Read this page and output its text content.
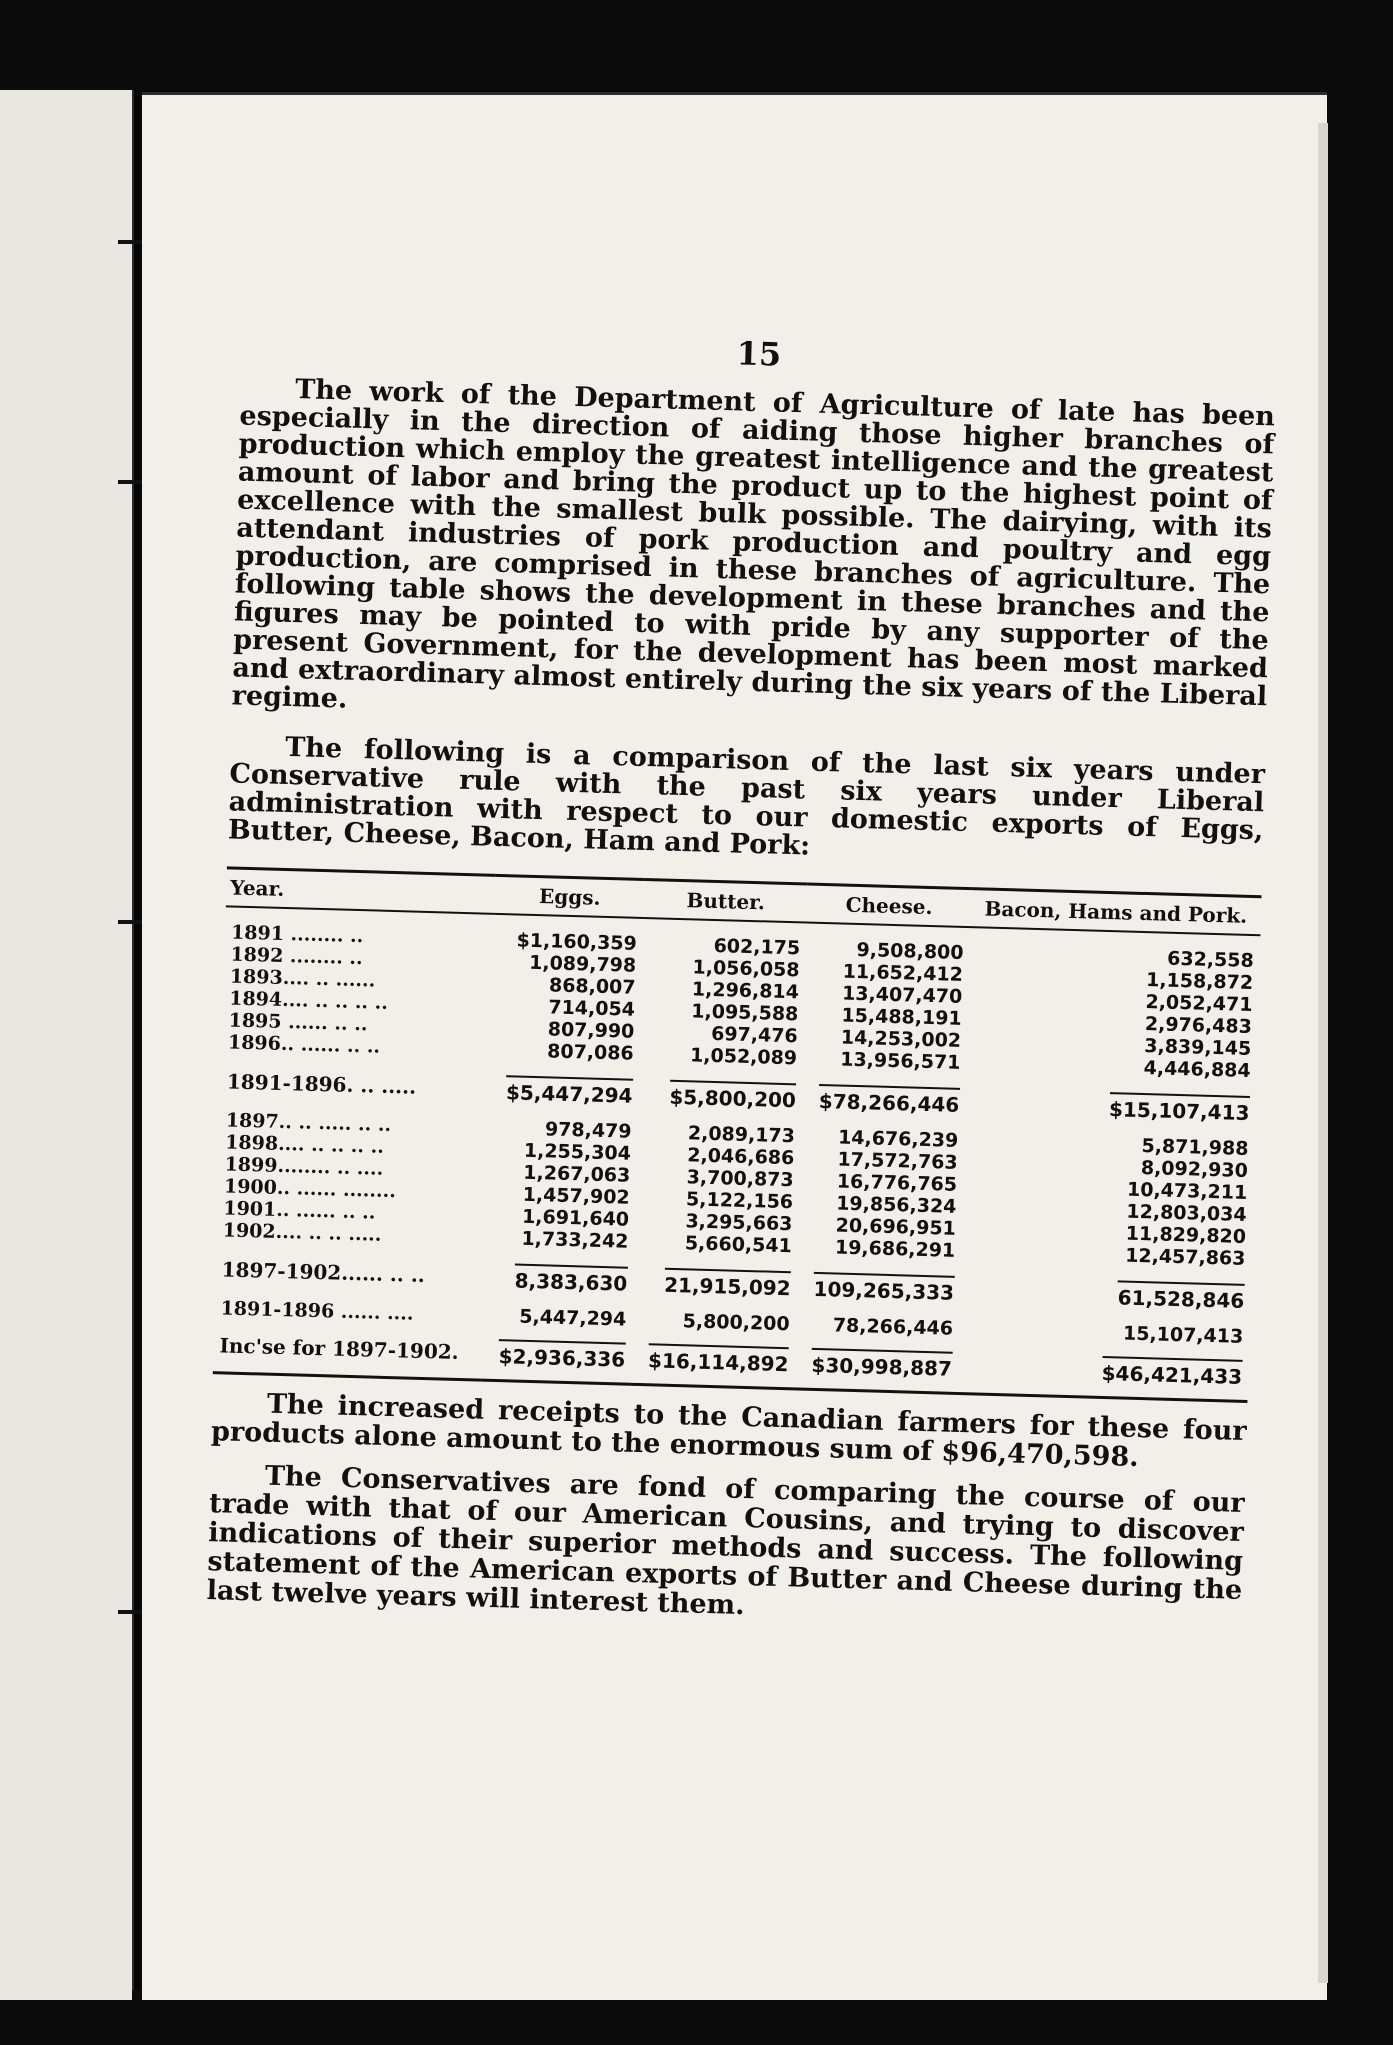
15

The work of the Department of Agriculture of late has been especially in the direction of aiding those higher branches of production which employ the greatest intelligence and the greatest amount of labor and bring the product up to the highest point of excellence with the smallest bulk possible. The dairying, with its attendant industries of pork production and poultry and egg production, are comprised in these branches of agriculture. The following table shows the development in these branches and the figures may be pointed to with pride by any supporter of the present Government, for the development has been most marked and extraordinary almost entirely during the six years of the Liberal regime.

The following is a comparison of the last six years under Conservative rule with the past six years under Liberal administration with respect to our domestic exports of Eggs, Butter, Cheese, Bacon, Ham and Pork:

Year.	Eggs.	Butter.	Cheese.	Bacon, Hams and Pork.

1891 ........ ..	$1,160,359	602,175	9,508,800	632,558
1892 ........ ..	1,089,798	1,056,058	11,652,412	1,158,872
1893.... .. ......	868,007	1,296,814	13,407,470	2,052,471
1894.... .. .. .. ..	714,054	1,095,588	15,488,191	2,976,483
1895 ...... .. ..	807,990	697,476	14,253,002	3,839,145
1896.. ...... .. ..	807,086	1,052,089	13,956,571	4,446,884
1891-1896. .. .....	$5,447,294	$5,800,200	$78,266,446	$15,107,413
1897.. .. ..... .. ..	978,479	2,089,173	14,676,239	5,871,988
1898.... .. .. .. ..	1,255,304	2,046,686	17,572,763	8,092,930
1899........ .. ....	1,267,063	3,700,873	16,776,765	10,473,211
1900.. ...... ........	1,457,902	5,122,156	19,856,324	12,803,034
1901.. ...... .. ..	1,691,640	3,295,663	20,696,951	11,829,820
1902.... .. .. .....	1,733,242	5,660,541	19,686,291	12,457,863
1897-1902...... .. ..	8,383,630	21,915,092	109,265,333	61,528,846
1891-1896 ...... ....	5,447,294	5,800,200	78,266,446	15,107,413
Inc'se for 1897-1902.	$2,936,336	$16,114,892	$30,998,887	$46,421,433

The increased receipts to the Canadian farmers for these four products alone amount to the enormous sum of $96,470,598.

The Conservatives are fond of comparing the course of our trade with that of our American Cousins, and trying to discover indications of their superior methods and success. The following statement of the American exports of Butter and Cheese during the last twelve years will interest them.
